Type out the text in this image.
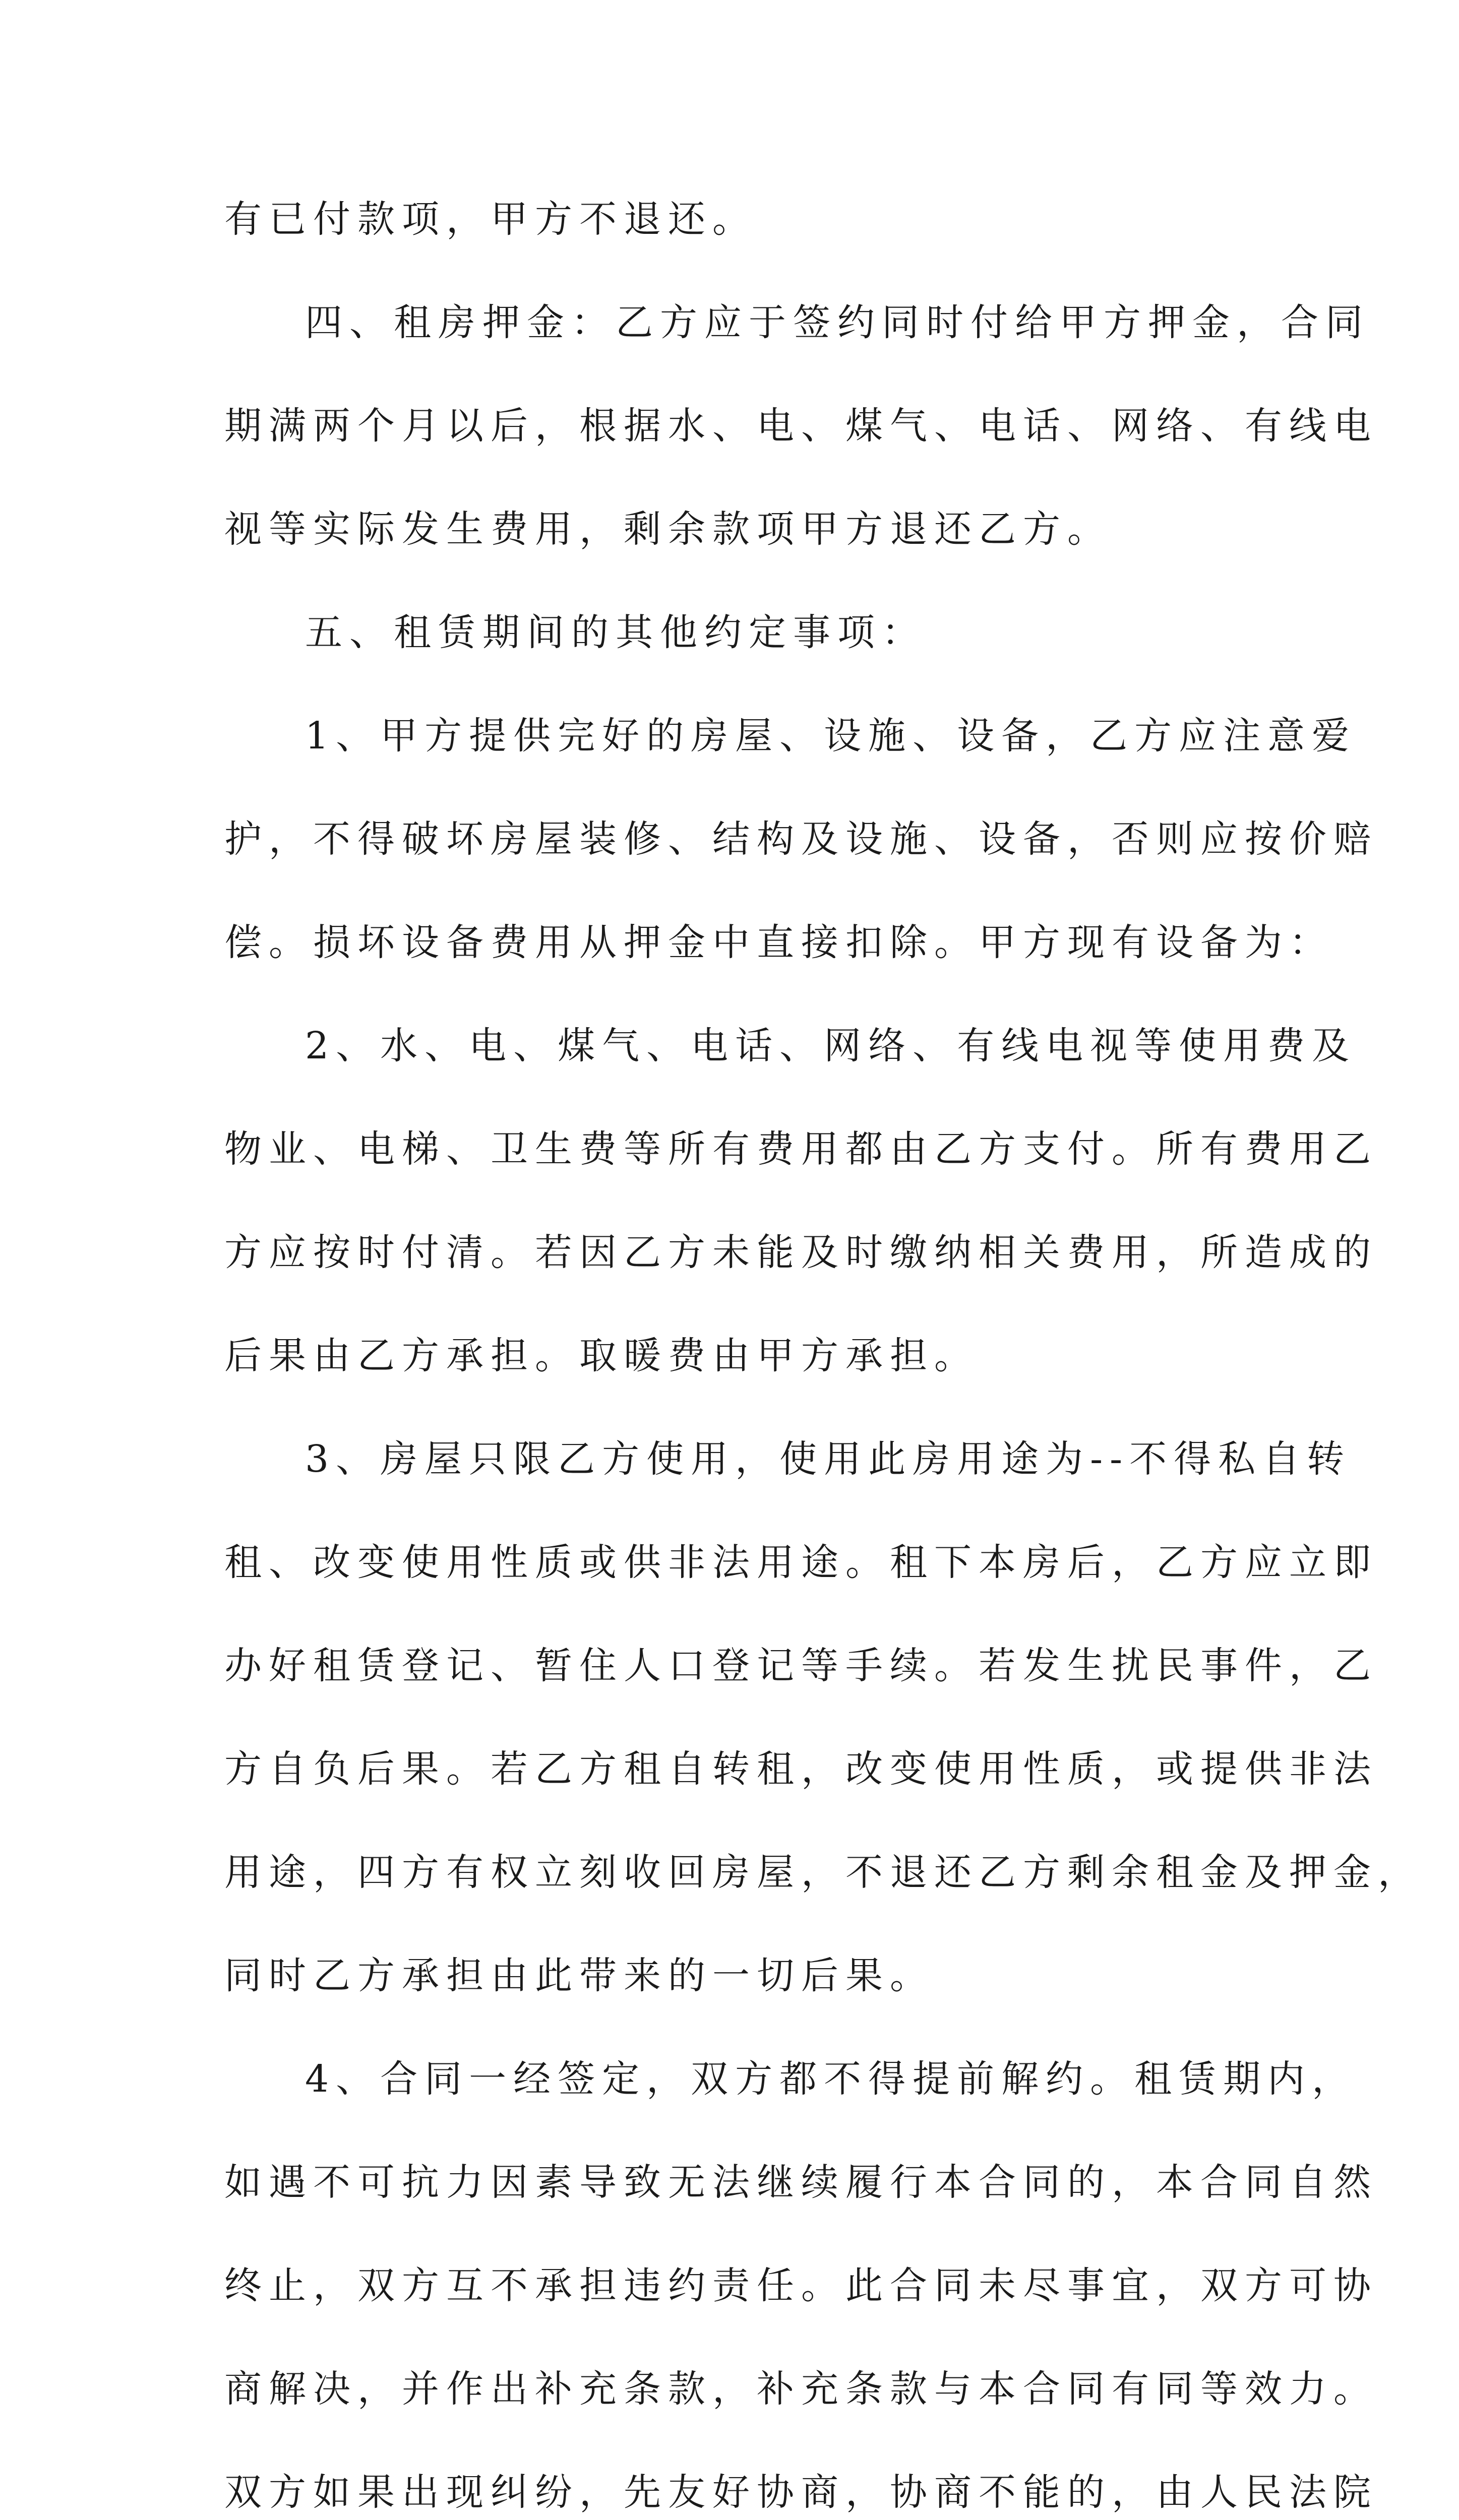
有已付款项，甲方不退还。
四、租房押金：乙方应于签约同时付给甲方押金，合同
期满两个月以后，根据水、电、煤气、电话、网络、有线电
视等实际发生费用，剩余款项甲方退还乙方。
五、租赁期间的其他约定事项：
1、甲方提供完好的房屋、设施、设备，乙方应注意爱
护，不得破坏房屋装修、结构及设施、设备，否则应按价赔
偿。损坏设备费用从押金中直接扣除。甲方现有设备为：
2、水、电、煤气、电话、网络、有线电视等使用费及
物业、电梯、卫生费等所有费用都由乙方支付。所有费用乙
方应按时付清。若因乙方未能及时缴纳相关费用，所造成的
后果由乙方承担。取暖费由甲方承担。
3、房屋只限乙方使用，使用此房用途为--不得私自转
租、改变使用性质或供非法用途。租下本房后，乙方应立即
办好租赁登记、暂住人口登记等手续。若发生扰民事件，乙
方自负后果。若乙方租自转租，改变使用性质，或提供非法
用途，四方有权立刻收回房屋，不退还乙方剩余租金及押金，
同时乙方承担由此带来的一切后果。
4、合同一经签定，双方都不得提前解约。租赁期内，
如遇不可抗力因素导致无法继续履行本合同的，本合同自然
终止，双方互不承担违约责任。此合同未尽事宜，双方可协
商解决，并作出补充条款，补充条款与本合同有同等效力。
双方如果出现纠纷，先友好协商，协商不能的，由人民法院
